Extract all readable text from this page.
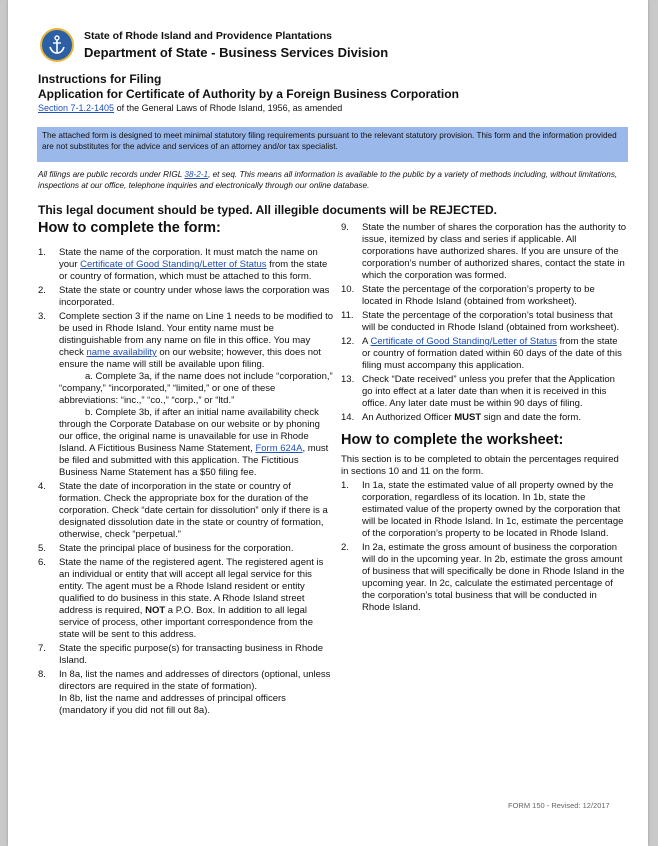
State of Rhode Island and Providence Plantations
Department of State - Business Services Division
Instructions for Filing
Application for Certificate of Authority by a Foreign Business Corporation
Section 7-1.2-1405 of the General Laws of Rhode Island, 1956, as amended
The attached form is designed to meet minimal statutory filing requirements pursuant to the relevant statutory provision. This form and the information provided are not substitutes for the advice and services of an attorney and/or tax specialist.
All filings are public records under RIGL 38-2-1, et seq. This means all information is available to the public by a variety of methods including, without limitations, inspections at our office, telephone inquiries and electronically through our online database.
This legal document should be typed. All illegible documents will be REJECTED.
How to complete the form:
1. State the name of the corporation. It must match the name on your Certificate of Good Standing/Letter of Status from the state or country of formation, which must be attached to this form.
2. State the state or country under whose laws the corporation was incorporated.
3. Complete section 3 if the name on Line 1 needs to be modified to be used in Rhode Island. Your entity name must be distinguishable from any name on file in this office. You may check name availability on our website; however, this does not ensure the name will still be available upon filing.
a. Complete 3a, if the name does not include “corporation,” “company,” “incorporated,” “limited,” or one of these abbreviations: “inc.,” “co.,” “corp.,” or “ltd.”
b. Complete 3b, if after an initial name availability check through the Corporate Database on our website or by phoning our office, the original name is unavailable for use in Rhode Island. A Fictitious Business Name Statement, Form 624A, must be filed and submitted with this application. The Fictitious Business Name Statement has a $50 filing fee.
4. State the date of incorporation in the state or country of formation. Check the appropriate box for the duration of the corporation. Check “date certain for dissolution” only if there is a designated dissolution date in the state or country of formation, otherwise, check “perpetual.”
5. State the principal place of business for the corporation.
6. State the name of the registered agent. The registered agent is an individual or entity that will accept all legal service for this entity. The agent must be a Rhode Island resident or entity qualified to do business in this state. A Rhode Island street address is required, NOT a P.O. Box. In addition to all legal service of process, other important correspondence from the state will be sent to this address.
7. State the specific purpose(s) for transacting business in Rhode Island.
8. In 8a, list the names and addresses of directors (optional, unless directors are required in the state of formation).
In 8b, list the name and addresses of principal officers (mandatory if you did not fill out 8a).
9. State the number of shares the corporation has the authority to issue, itemized by class and series if applicable. All corporations have authorized shares. If you are unsure of the corporation’s number of authorized shares, contact the state in which the corporation was formed.
10. State the percentage of the corporation’s property to be located in Rhode Island (obtained from worksheet).
11. State the percentage of the corporation’s total business that will be conducted in Rhode Island (obtained from worksheet).
12. A Certificate of Good Standing/Letter of Status from the state or country of formation dated within 60 days of the date of this filing must accompany this application.
13. Check “Date received” unless you prefer that the Application go into effect at a later date than when it is received in this office. Any later date must be within 90 days of filing.
14. An Authorized Officer MUST sign and date the form.
How to complete the worksheet:
This section is to be completed to obtain the percentages required in sections 10 and 11 on the form.
1. In 1a, state the estimated value of all property owned by the corporation, regardless of its location. In 1b, state the estimated value of the property owned by the corporation that will be located in Rhode Island. In 1c, estimate the percentage of the corporation’s property to be located in Rhode Island.
2. In 2a, estimate the gross amount of business the corporation will do in the upcoming year. In 2b, estimate the gross amount of business that will specifically be done in Rhode Island in the upcoming year. In 2c, calculate the estimated percentage of the corporation’s total business that will be conducted in Rhode Island.
FORM 150 - Revised: 12/2017
